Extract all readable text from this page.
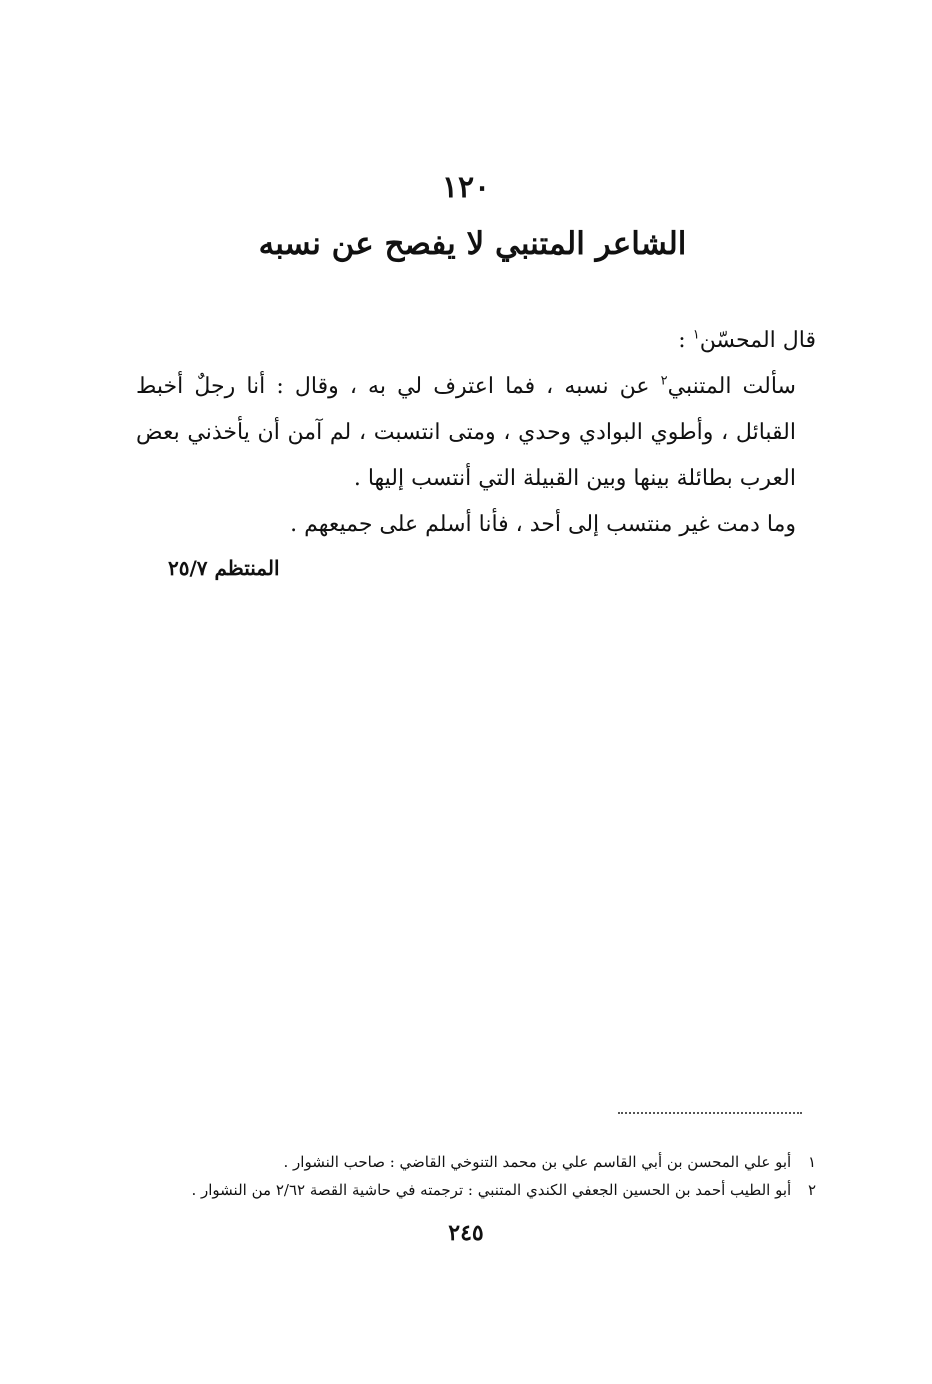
١٢٠
الشاعر المتنبي لا يفصح عن نسبه

قال المحسّن$^١$ :

سألت المتنبي$^٢$ عن نسبه ، فما اعترف لي به ، وقال : أنا رجلٌ أخبط القبائل ، وأطوي البوادي وحدي ، ومتى انتسبت ، لم آمن أن يأخذني بعض العرب بطائلة بينها وبين القبيلة التي أنتسب إليها .

وما دمت غير منتسب إلى أحد ، فأنا أسلم على جميعهم .

المنتظم ٢٥/٧
١ أبو علي المحسن بن أبي القاسم علي بن محمد التنوخي القاضي : صاحب النشوار .
٢ أبو الطيب أحمد بن الحسين الجعفي الكندي المتنبي : ترجمته في حاشية القصة ٢/٦٢ من النشوار .
٢٤٥
